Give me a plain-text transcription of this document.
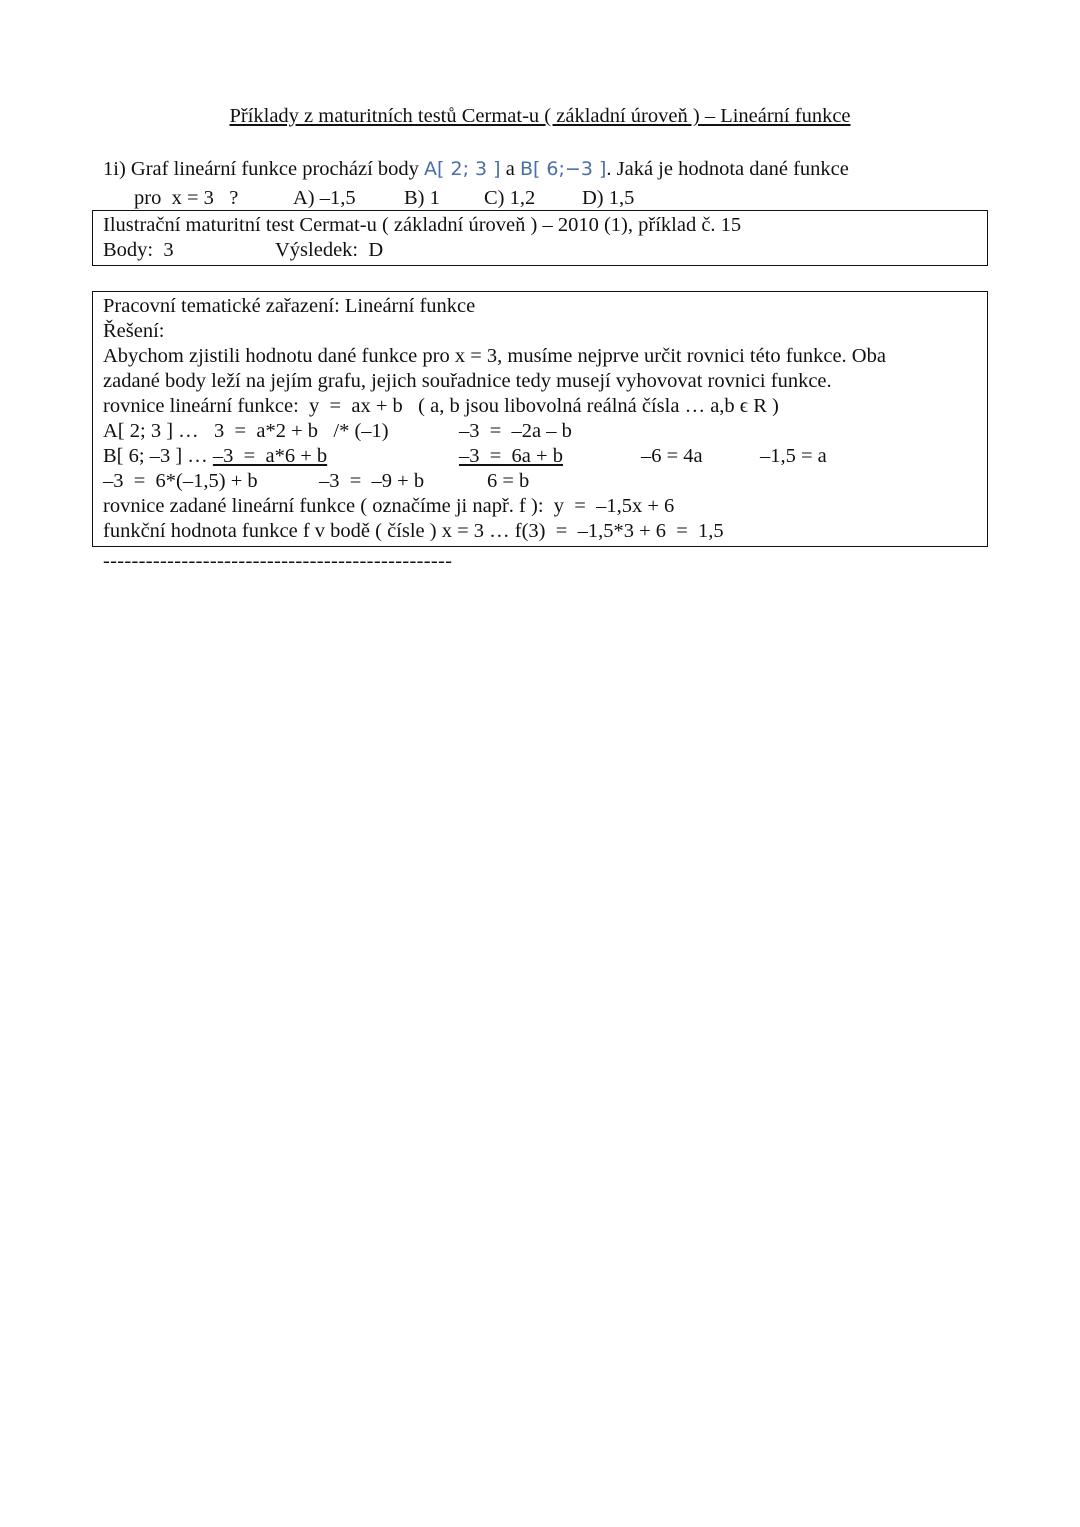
Příklady z maturitních testů Cermat-u ( základní úroveň ) – Lineární funkce
1i) Graf lineární funkce prochází body A[ 2; 3 ] a B[ 6;−3 ]. Jaká je hodnota dané funkce
pro  x = 3   ?	A) –1,5 B) 1 C) 1,2 D) 1,5
Ilustrační maturitní test Cermat-u ( základní úroveň ) – 2010 (1), příklad č. 15
Body:  3	Výsledek:  D
Pracovní tematické zařazení: Lineární funkce
Řešení:
Abychom zjistili hodnotu dané funkce pro x = 3, musíme nejprve určit rovnici této funkce. Oba
zadané body leží na jejím grafu, jejich souřadnice tedy musejí vyhovovat rovnici funkce.
rovnice lineární funkce:  y  =  ax + b   ( a, b jsou libovolná reálná čísla … a,b ϵ R )
A[ 2; 3 ] …   3  =  a*2 + b   /* (–1)	–3  =  –2a – b
B[ 6; –3 ] … –3  =  a*6 + b	–3  =  6a + b	–6 = 4a	–1,5 = a
–3  =  6*(–1,5) + b	–3  =  –9 + b	6 = b
rovnice zadané lineární funkce ( označíme ji např. f ):  y  =  –1,5x + 6
funkční hodnota funkce f v bodě ( čísle ) x = 3 … f(3)  =  –1,5*3 + 6  =  1,5
-------------------------------------------------
